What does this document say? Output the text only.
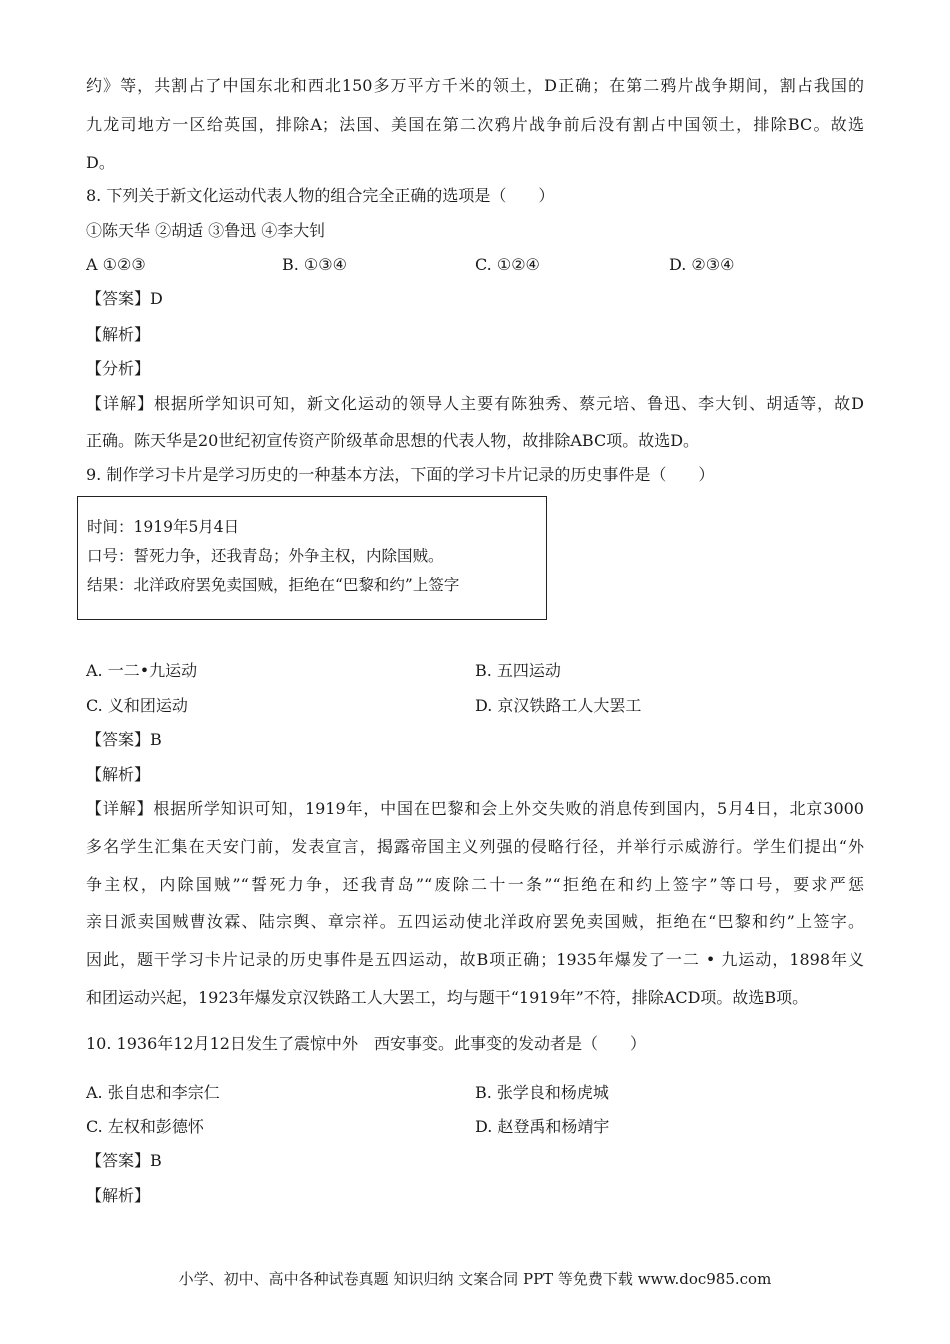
约》等，共割占了中国东北和西北150多万平方千米的领土，D正确；在第二鸦片战争期间，割占我国的
九龙司地方一区给英国，排除A；法国、美国在第二次鸦片战争前后没有割占中国领土，排除BC。故选
D。
8. 下列关于新文化运动代表人物的组合完全正确的选项是（　　）
①陈天华 ②胡适 ③鲁迅 ④李大钊
A ①②③	B. ①③④	C. ①②④	D. ②③④
【答案】D
【解析】
【分析】
【详解】根据所学知识可知，新文化运动的领导人主要有陈独秀、蔡元培、鲁迅、李大钊、胡适等，故D
正确。陈天华是20世纪初宣传资产阶级革命思想的代表人物，故排除ABC项。故选D。
9. 制作学习卡片是学习历史的一种基本方法，下面的学习卡片记录的历史事件是（　　）
时间：1919年5月4日
口号：誓死力争，还我青岛；外争主权，内除国贼。
结果：北洋政府罢免卖国贼，拒绝在“巴黎和约”上签字
A. 一二•九运动	B. 五四运动
C. 义和团运动	D. 京汉铁路工人大罢工
【答案】B
【解析】
【详解】根据所学知识可知，1919年，中国在巴黎和会上外交失败的消息传到国内，5月4日，北京3000
多名学生汇集在天安门前，发表宣言，揭露帝国主义列强的侵略行径，并举行示威游行。学生们提出“外
争主权，内除国贼”“誓死力争，还我青岛”“废除二十一条”“拒绝在和约上签字”等口号，要求严惩
亲日派卖国贼曹汝霖、陆宗舆、章宗祥。五四运动使北洋政府罢免卖国贼，拒绝在“巴黎和约”上签字。
因此，题干学习卡片记录的历史事件是五四运动，故B项正确；1935年爆发了一二 • 九运动，1898年义
和团运动兴起，1923年爆发京汉铁路工人大罢工，均与题干“1919年”不符，排除ACD项。故选B项。
10. 1936年12月12日发生了震惊中外　西安事变。此事变的发动者是（　　）
A. 张自忠和李宗仁	B. 张学良和杨虎城
C. 左权和彭德怀	D. 赵登禹和杨靖宇
【答案】B
【解析】
小学、初中、高中各种试卷真题 知识归纳 文案合同 PPT 等免费下载 www.doc985.com
